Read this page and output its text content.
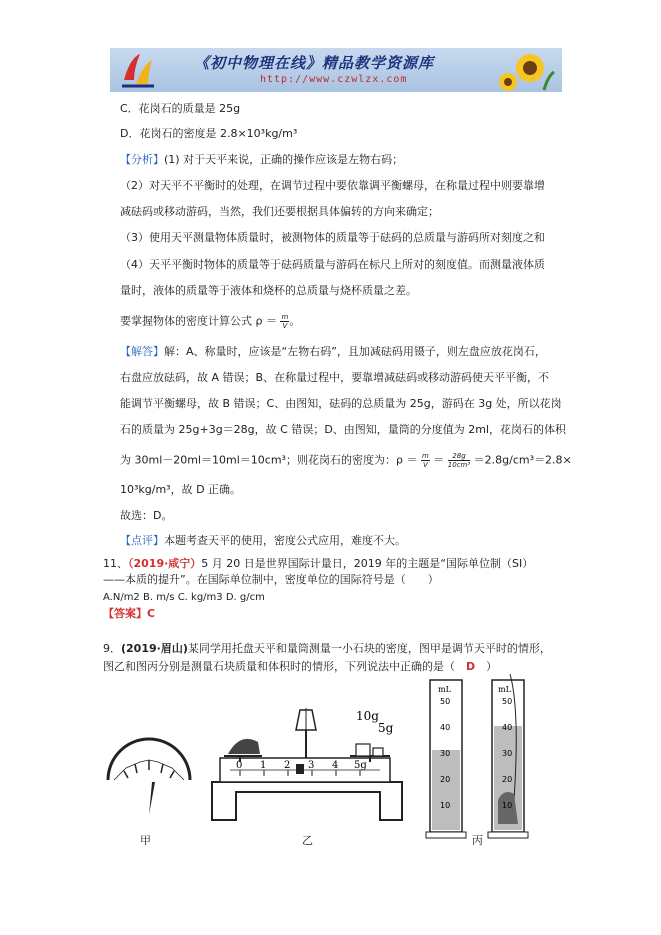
《初中物理在线》精品教学资源库
http://www.czwlzx.com
C．花岗石的质量是 25g
D．花岗石的密度是 2.8×10³kg/m³
【分析】(1) 对于天平来说，正确的操作应该是左物右码；
（2）对天平不平衡时的处理，在调节过程中要依靠调平衡螺母，在称量过程中则要靠增
减砝码或移动游码，当然，我们还要根据具体偏转的方向来确定；
（3）使用天平测量物体质量时，被测物体的质量等于砝码的总质量与游码所对刻度之和
（4）天平平衡时物体的质量等于砝码质量与游码在标尺上所对的刻度值。而测量液体质
量时，液体的质量等于液体和烧杯的总质量与烧杯质量之差。
要掌握物体的密度计算公式 $\rho = \frac{m}{V}$ 。
【解答】解：A、称量时，应该是“左物右码”，且加减砝码用镊子，则左盘应放花岗石，
右盘应放砝码，故 A 错误；B、在称量过程中，要靠增减砝码或移动游码使天平平衡，不
能调节平衡螺母，故 B 错误；C、由图知，砝码的总质量为 25g，游码在 3g 处，所以花岗
石的质量为 25g+3g＝28g，故 C 错误；D、由图知，量筒的分度值为 2ml，花岗石的体积
为 30ml－20ml＝10ml＝10cm³；则花岗石的密度为：$\rho = \frac{m}{V} = \frac{28g}{\text{10cm³}} =2.8g/cm^3=2.8\times$
10³kg/m³，故 D 正确。
故选：D。
【点评】本题考查天平的使用，密度公式应用，难度不大。
11、（2019·咸宁）5 月 20 日是世界国际计量日，2019 年的主题是“国际单位制（SI）
——本质的提升”。在国际单位制中，密度单位的国际符号是（　　）
A.N/m2 B. m/s C. kg/m3 D. g/cm
【答案】C
9．(2019·眉山)某同学用托盘天平和量筒测量一小石块的密度，图甲是调节天平时的情形，
图乙和图丙分别是测量石块质量和体积时的情形，下列说法中正确的是（　D　）
0 1 2 3 4 5g
10g
5g
mL
50
40
30
20
10
mL
50
40
30
20
10
甲	乙	丙
